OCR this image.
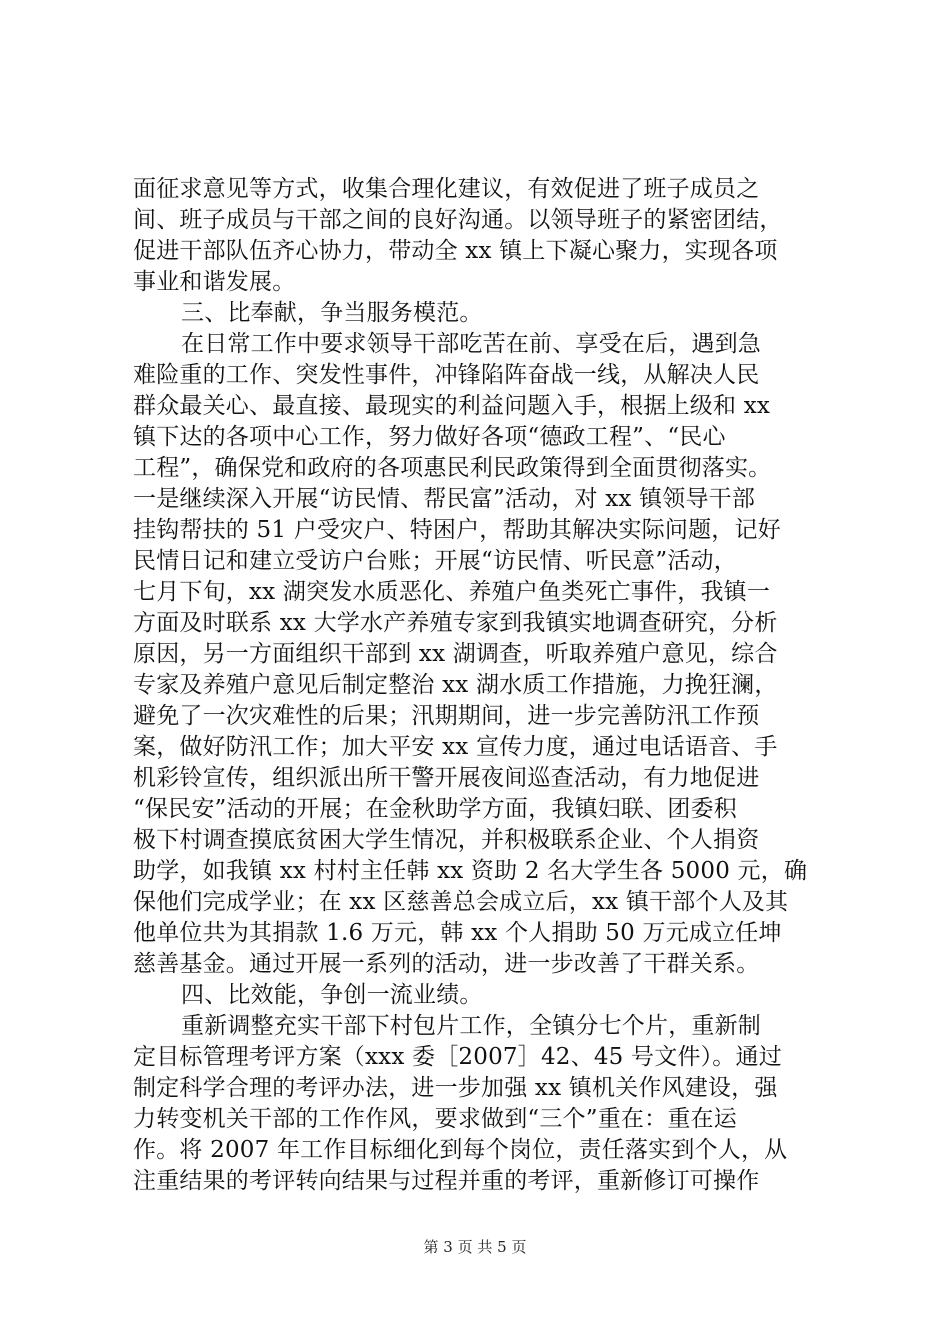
面征求意见等方式，收集合理化建议，有效促进了班子成员之
间、班子成员与干部之间的良好沟通。以领导班子的紧密团结，
促进干部队伍齐心协力，带动全 xx 镇上下凝心聚力，实现各项
事业和谐发展。
三、比奉献，争当服务模范。
在日常工作中要求领导干部吃苦在前、享受在后，遇到急
难险重的工作、突发性事件，冲锋陷阵奋战一线，从解决人民
群众最关心、最直接、最现实的利益问题入手，根据上级和 xx
镇下达的各项中心工作，努力做好各项“德政工程”、“民心
工程”，确保党和政府的各项惠民利民政策得到全面贯彻落实。
一是继续深入开展“访民情、帮民富”活动，对 xx 镇领导干部
挂钩帮扶的 51 户受灾户、特困户，帮助其解决实际问题，记好
民情日记和建立受访户台账；开展“访民情、听民意”活动，
七月下旬，xx 湖突发水质恶化、养殖户鱼类死亡事件，我镇一
方面及时联系 xx 大学水产养殖专家到我镇实地调查研究，分析
原因，另一方面组织干部到 xx 湖调查，听取养殖户意见，综合
专家及养殖户意见后制定整治 xx 湖水质工作措施，力挽狂澜，
避免了一次灾难性的后果；汛期期间，进一步完善防汛工作预
案，做好防汛工作；加大平安 xx 宣传力度，通过电话语音、手
机彩铃宣传，组织派出所干警开展夜间巡查活动，有力地促进
“保民安”活动的开展；在金秋助学方面，我镇妇联、团委积
极下村调查摸底贫困大学生情况，并积极联系企业、个人捐资
助学，如我镇 xx 村村主任韩 xx 资助 2 名大学生各 5000 元，确
保他们完成学业；在 xx 区慈善总会成立后，xx 镇干部个人及其
他单位共为其捐款 1.6 万元，韩 xx 个人捐助 50 万元成立任坤
慈善基金。通过开展一系列的活动，进一步改善了干群关系。
四、比效能，争创一流业绩。
重新调整充实干部下村包片工作，全镇分七个片，重新制
定目标管理考评方案（xxx 委［2007］42、45 号文件）。通过
制定科学合理的考评办法，进一步加强 xx 镇机关作风建设，强
力转变机关干部的工作作风，要求做到“三个”重在：重在运
作。将 2007 年工作目标细化到每个岗位，责任落实到个人，从
注重结果的考评转向结果与过程并重的考评，重新修订可操作
第 3 页 共 5 页
